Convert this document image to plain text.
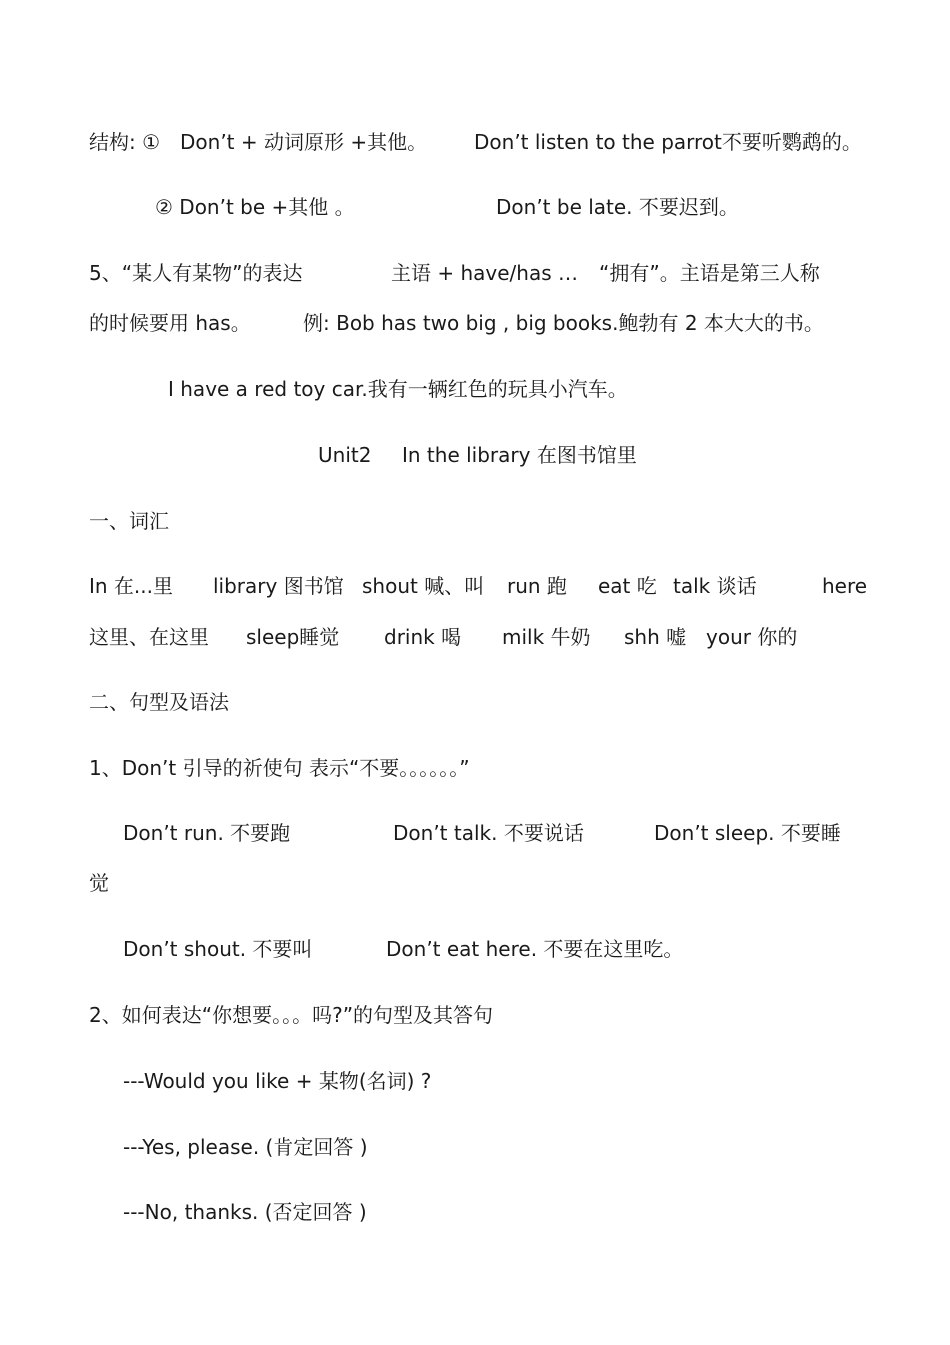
结构: ① Don’t + 动词原形 +其他。 Don’t listen to the parrot不要听鹦鹉的。
② Don’t be +其他 。	Don’t be late. 不要迟到。
5、“某人有某物”的表达	主语 + have/has … “拥有”。主语是第三人称
的时候要用 has。	例: Bob has two big , big books.鲍勃有 2 本大大的书。
I have a red toy car.我有一辆红色的玩具小汽车。
Unit2 In the library 在图书馆里
一、词汇
In 在...里 library 图书馆 shout 喊、叫 run 跑 eat 吃 talk 谈话	here
这里、在这里 sleep睡觉 drink 喝 milk 牛奶 shh 嘘 your 你的
二、句型及语法
1、Don’t 引导的祈使句 表示“不要。。。。。。”
Don’t run. 不要跑	Don’t talk. 不要说话	Don’t sleep. 不要睡
觉
Don’t shout. 不要叫	Don’t eat here. 不要在这里吃。
2、如何表达“你想要。。。吗?”的句型及其答句
---Would you like + 某物(名词) ?
---Yes, please. (肯定回答 )
---No, thanks. (否定回答 )
